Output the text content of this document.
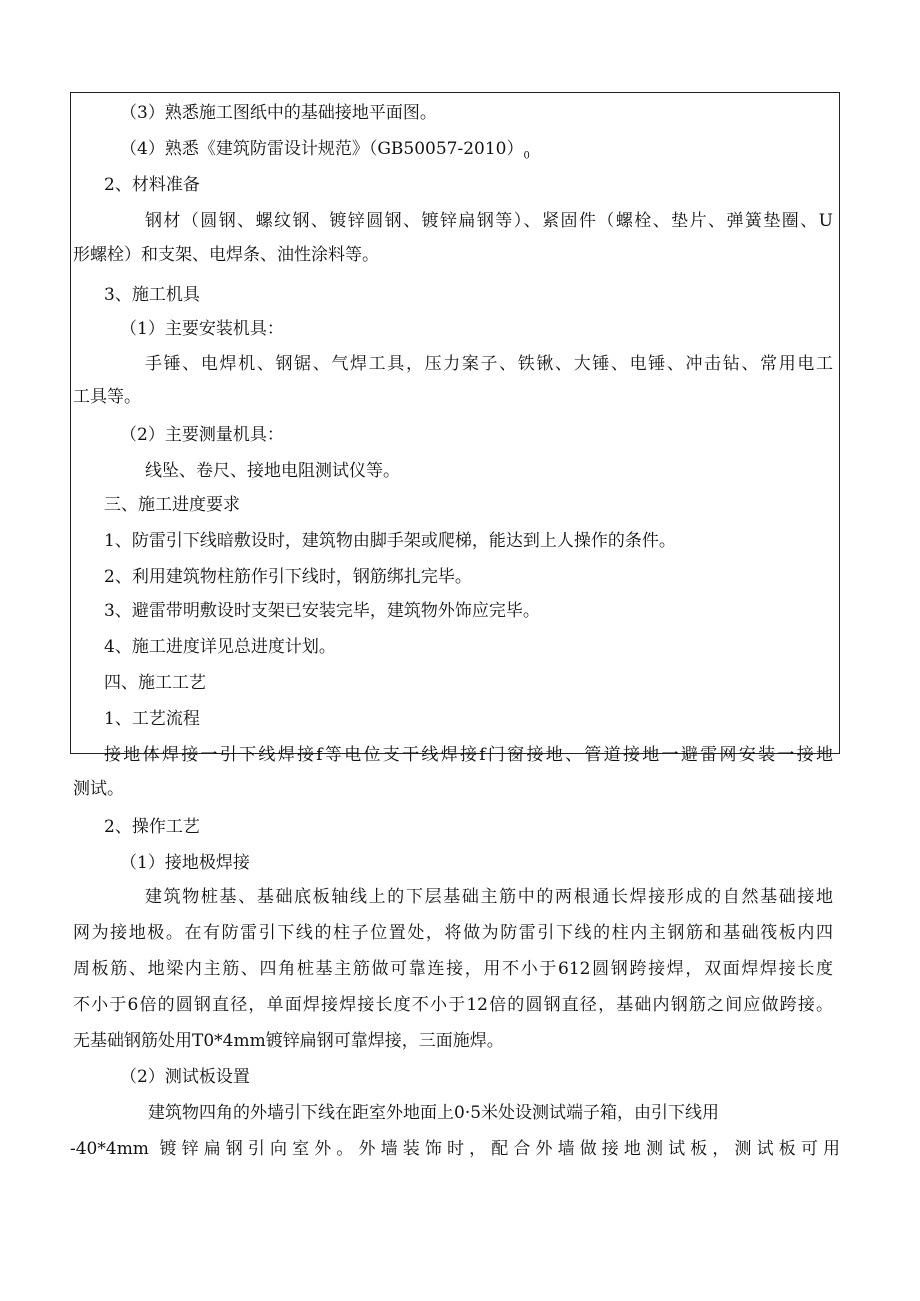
（3）熟悉施工图纸中的基础接地平面图。
（4）熟悉《建筑防雷设计规范》$(GB50057-2010)_0$
2、材料准备
钢材（圆钢、螺纹钢、镀锌圆钢、镀锌扁钢等）、紧固件（螺栓、垫片、弹簧垫圈、U
形螺栓）和支架、电焊条、油性涂料等。
3、施工机具
（1）主要安装机具：
手锤、电焊机、钢锯、气焊工具，压力案子、铁锹、大锤、电锤、冲击钻、常用电工
工具等。
（2）主要测量机具：
线坠、卷尺、接地电阻测试仪等。
三、施工进度要求
1、防雷引下线暗敷设时，建筑物由脚手架或爬梯，能达到上人操作的条件。
2、利用建筑物柱筋作引下线时，钢筋绑扎完毕。
3、避雷带明敷设时支架已安装完毕，建筑物外饰应完毕。
4、施工进度详见总进度计划。
四、施工工艺
1、工艺流程
接地体焊接一引下线焊接f等电位支干线焊接f门窗接地、管道接地一避雷网安装一接地
测试。
2、操作工艺
（1）接地极焊接
建筑物桩基、基础底板轴线上的下层基础主筋中的两根通长焊接形成的自然基础接地
网为接地极。在有防雷引下线的柱子位置处，将做为防雷引下线的柱内主钢筋和基础筏板内四
周板筋、地梁内主筋、四角桩基主筋做可靠连接，用不小于612圆钢跨接焊，双面焊焊接长度
不小于6倍的圆钢直径，单面焊接焊接长度不小于12倍的圆钢直径，基础内钢筋之间应做跨接。
无基础钢筋处用T0*4mm镀锌扁钢可靠焊接，三面施焊。
（2）测试板设置
建筑物四角的外墙引下线在距室外地面上0·5米处设测试端子箱，由引下线用
-40*4mm 镀锌扁钢引向室外。外墙装饰时，配合外墙做接地测试板，测试板可用
